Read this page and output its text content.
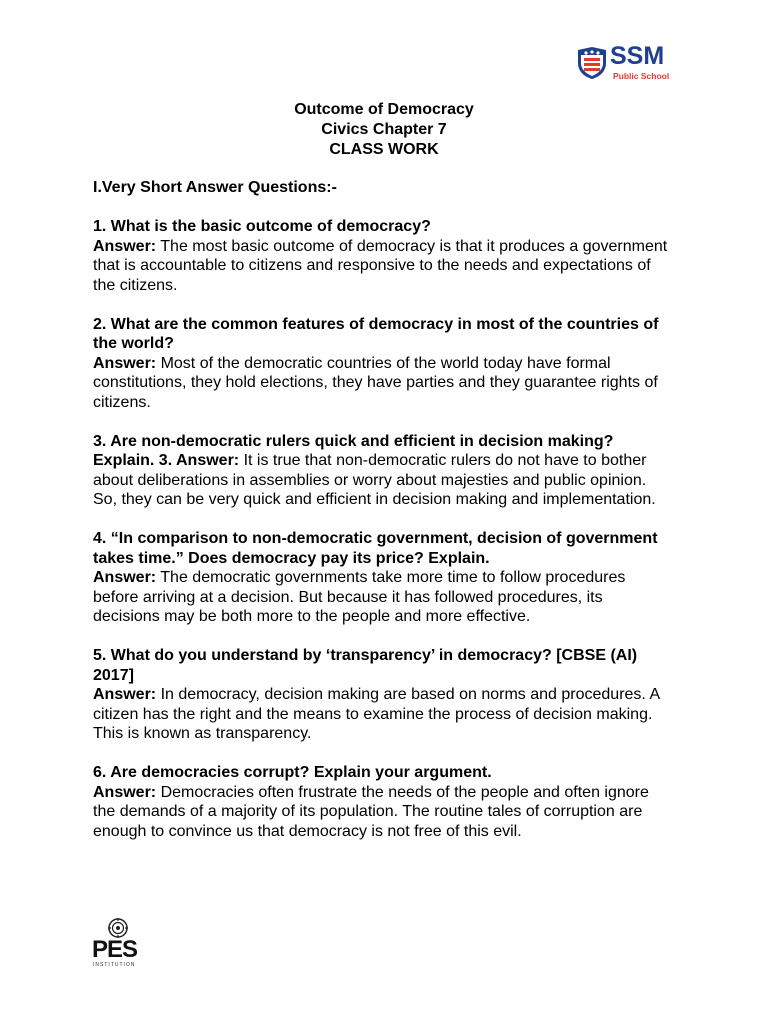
SSM
Public School
Outcome of Democracy
Civics Chapter 7
CLASS WORK

I.Very Short Answer Questions:-

1. What is the basic outcome of democracy?

Answer: The most basic outcome of democracy is that it produces a government that is accountable to citizens and responsive to the needs and expectations of the citizens.

2. What are the common features of democracy in most of the countries of the world?

Answer: Most of the democratic countries of the world today have formal constitutions, they hold elections, they have parties and they guarantee rights of citizens.

3. Are non-democratic rulers quick and efficient in decision making? Explain. 3. Answer: It is true that non-democratic rulers do not have to bother about deliberations in assemblies or worry about majesties and public opinion. So, they can be very quick and efficient in decision making and implementation.

4. “In comparison to non-democratic government, decision of government takes time.” Does democracy pay its price? Explain.

Answer: The democratic governments take more time to follow procedures before arriving at a decision. But because it has followed procedures, its decisions may be both more to the people and more effective.

5. What do you understand by ‘transparency’ in democracy? [CBSE (AI) 2017]

Answer: In democracy, decision making are based on norms and procedures. A citizen has the right and the means to examine the process of decision making. This is known as transparency.

6. Are democracies corrupt? Explain your argument.

Answer: Democracies often frustrate the needs of the people and often ignore the demands of a majority of its population. The routine tales of corruption are enough to convince us that democracy is not free of this evil.

PES
INSTITUTION
